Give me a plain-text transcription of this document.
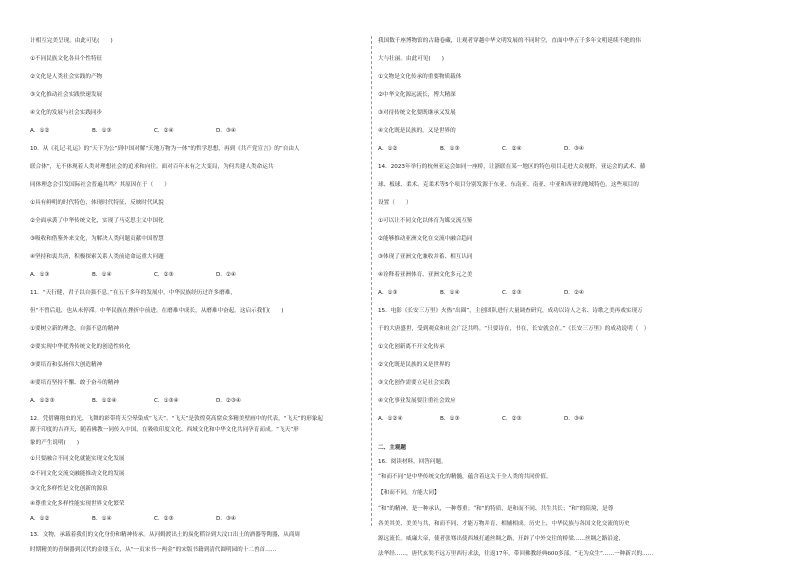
计相互完美呈现。由此可见(　　)
①不同民族文化各具个性特征
②文化是人类社会实践的产物
③文化推动社会实践快速发展
④文化的发展与社会实践同步
A．①②	B．①③	C．②④	D．③④
10．从《礼记·礼运》的“天下为公”到中国对解“天地万物为一体”的哲学思想，再到《共产党宣言》的“自由人
联合体”，无不体现着人类对理想社会的追求和向往。面对百年未有之大变局，为何共建人类命运共
同体理念会引发国际社会普遍共鸣？其原因在于（　　）
①具有鲜明的时代特色、体现时代特征、反映时代风貌
②全面承袭了中华传统文化，实现了马克思主义中国化
③吸收和借鉴外来文化，为解决人类问题贡献中国智慧
④坚持和衷共济，积极探索关系人类前途命运重大问题
A．①③	B．①④	C．②③	D．②④
11．“天行健，君子以自强不息。”在五千多年的发展中，中华民族经历过许多磨难，
但“不曾后退，也从未停滞。中华民族在挫折中前进，在磨难中成长，从磨难中奋起。这启示我们(　　)
①要树立新的理念，自强不息的精神
②要实现中华优秀传统文化的创造性转化
③要培育和弘扬伟大创造精神
④要培育坚持不懈、敢于奋斗的精神
A．①②③	B．①②④	C．①③④	D．②③④
12．凭借翱翔虫的光，飞舞的彩带将天空晕染成“飞天”。“飞天”是敦煌莫高窟众多精美壁画中的代表。“飞天”的形象起
源于印度的吉祥天，随着佛教一同传入中国，在吸收印度文化、西域文化和中华文化共同孕育而成。“飞天”形
象的产生说明(　　)
①只要融合不同文化就能实现文化发展
②不同文化交流交融能推动文化的发展
③文化多样性是文化创新的源泉
④尊重文化多样性能实现世界文化繁荣
A．①②	B．①④	C．②③	D．③④
13．文物，承载着我们的文化身份和精神传承。从河姆渡出土的炭化稻谷到大汶口出土的酒器等陶器，从商周
时期精美的青铜器到汉代的金缕玉衣，从“一页宋书一两金”的宋版书籍到清代圆明园的十二兽首……
我国数千座博物馆的古籍卷藏，让观者穿越中华文明发展的不同时空，直面中华五千多年文明延续不绝的伟
大与壮丽。由此可见(　　)
①文物是文化传承的重要物质载体
②中华文化源远流长，博大精深
③对待传统文化要既继承又发展
④文化既是民族的，又是世界的
A．①②	B．①③	C．②④	D．③④
14．2023年举行的杭州亚运会如同一座桥，让浙联在某一地区的特色项目走进大众视野。亚运会的武术、藤
球、板球、柔术、克柔术等5个项目分别发源于东亚、东南亚、南亚、中亚和西亚的地域特色。这些项目的
设置（　　）
①可以让不同文化以体育为媒交流互鉴
②能够推动亚洲文化在交流中融合趋同
③体现了亚洲文化兼收并蓄、相互认同
④诠释着亚洲体育、亚洲文化多元之美
A．①③	B．①④	C．②③	D．②④
15．电影《长安三万里》火热“出圈”，主创团队进行大量调查研究，成功以诗人之名、诗歌之美再戏实现万
千的大唐盛世，受到观众和社会广泛共鸣。“只要诗在，书在，长安就会在。”《长安三万里》的成功说明（　）
①文化创新离不开文化传承
②文化既是民族的又是世界的
③文化创作需要立足社会实践
④文化事业发展要注重社会效应
A．①②④	B．①③	C．②③	D．③④
二、主观题
16．阅读材料，回答问题。
“和而不同”是中华传统文化的精髓，蕴含着这关于全人类的共同价值。
【和而不同，方能大同】
“和”的精神，是一种承认，一种尊重；“和”的特质，是和而不同、共生共长；“和”的陪境，是尊
各美其美、美美与共，和而不同，才能万物并育、相辅相成。历史上，中华民族与各国文化交流的历史
源远流长。威廉大帝，使者张骞出使西域打通丝绸之路，开辟了中外交往的桥梁……丝绸之路沿途，
法华经……，唐代玄奘不远万里西行求法，往返17年，带回佛教经典600多部。“无为众生”……一种新兴的……
